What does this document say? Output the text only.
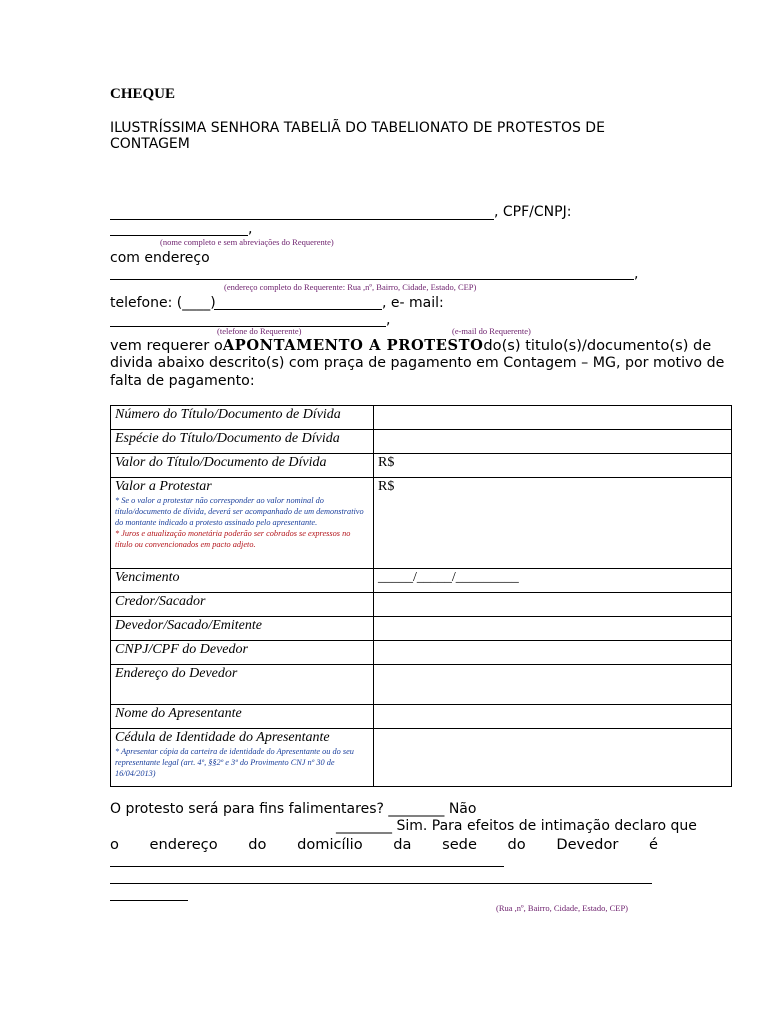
CHEQUE
ILUSTRÍSSIMA SENHORA TABELIÃ DO TABELIONATO DE PROTESTOS DE
CONTAGEM
, CPF/CNPJ:
,
(nome completo e sem abreviações do Requerente)
com endereço
,
(endereço completo do Requerente: Rua ,nº, Bairro, Cidade, Estado, CEP)
telefone: (____)	, e- mail:
,
(telefone do Requerente)	(e-mail do Requerente)
vem requerer o APONTAMENTO A PROTESTO do(s) titulo(s)/documento(s) de
divida abaixo descrito(s) com praça de pagamento em Contagem – MG, por motivo de
falta de pagamento:
Número do Título/Documento de Dívida	
Espécie do Título/Documento de Dívida	
Valor do Título/Documento de Dívida	R$
Valor a Protestar
* Se o valor a protestar não corresponder ao valor nominal do título/documento de dívida, deverá ser acompanhado de um demonstrativo do montante indicado a protesto assinado pelo apresentante.
* Juros e atualização monetária poderão ser cobrados se expressos no título ou convencionados em pacto adjeto.	R$
Vencimento	_____/_____/_________
Credor/Sacador	
Devedor/Sacado/Emitente	
CNPJ/CPF do Devedor	
Endereço do Devedor	
Nome do Apresentante	
Cédula de Identidade do Apresentante
* Apresentar cópia da carteira de identidade do Apresentante ou do seu representante legal (art. 4º, §§2º e 3º do Provimento CNJ nº 30 de 16/04/2013)	

O protesto será para fins falimentares? ________ Não
________ Sim. Para efeitos de intimação declaro que
o endereço do domicílio da sede do Devedor é
(Rua ,nº, Bairro, Cidade, Estado, CEP)
